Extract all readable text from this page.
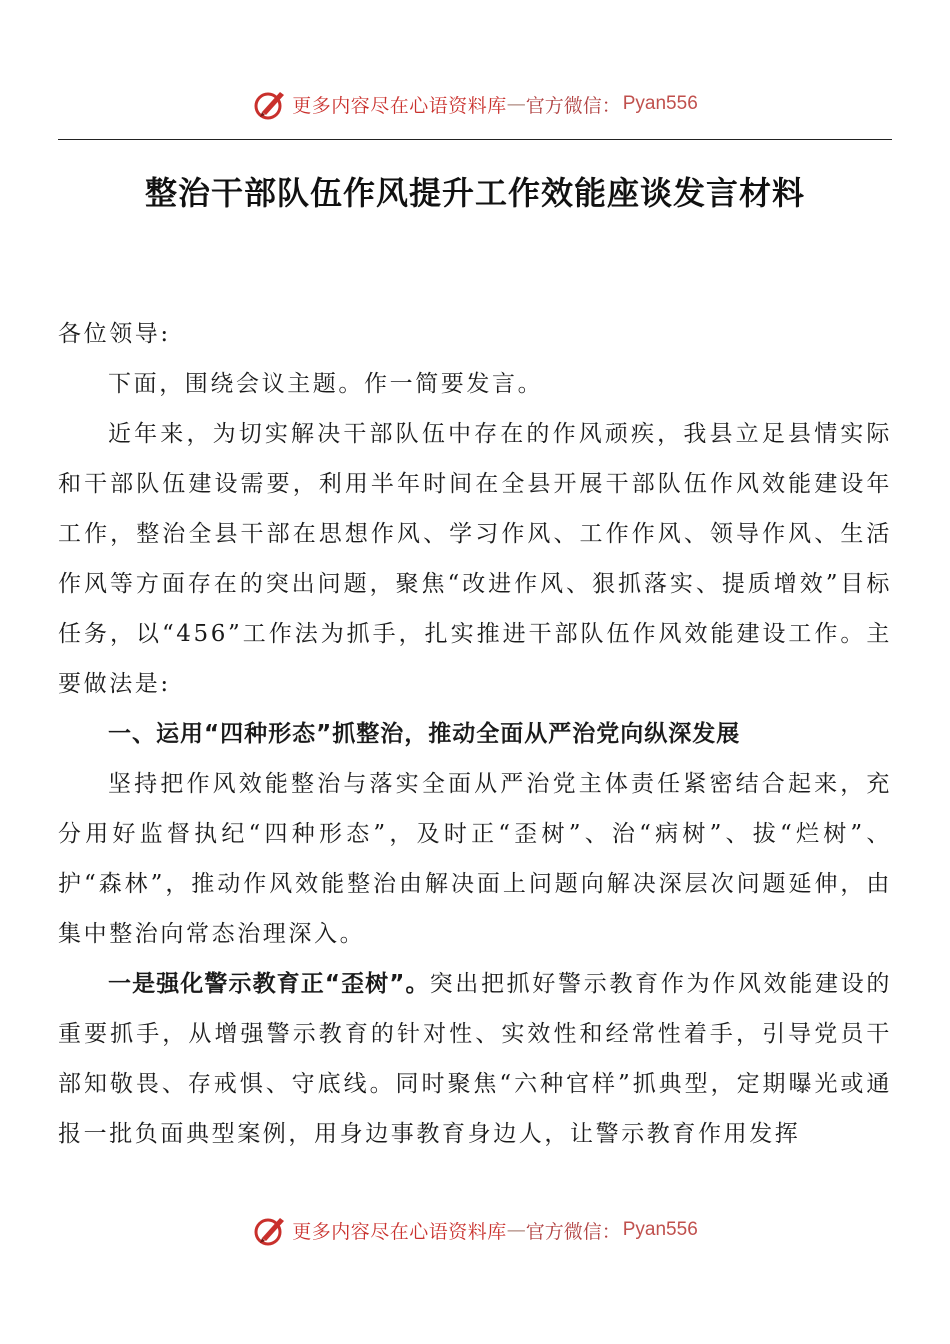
更多内容尽在心语资料库 — 官方微信： Pyan556
整治干部队伍作风提升工作效能座谈发言材料

各位领导:

下面，围绕会议主题。作一简要发言。

近年来，为切实解决干部队伍中存在的作风顽疾，我县立足县情实际和干部队伍建设需要，利用半年时间在全县开展干部队伍作风效能建设年工作，整治全县干部在思想作风、学习作风、工作作风、领导作风、生活作风等方面存在的突出问题，聚焦“改进作风、狠抓落实、提质增效”目标任务，以“456”工作法为抓手，扎实推进干部队伍作风效能建设工作。主要做法是:

一、运用“四种形态”抓整治，推动全面从严治党向纵深发展

坚持把作风效能整治与落实全面从严治党主体责任紧密结合起来，充分用好监督执纪“四种形态”，及时正“歪树”、治“病树”、拔“烂树”、护“森林”，推动作风效能整治由解决面上问题向解决深层次问题延伸，由集中整治向常态治理深入。

一是强化警示教育正“歪树”。突出把抓好警示教育作为作风效能建设的重要抓手，从增强警示教育的针对性、实效性和经常性着手，引导党员干部知敬畏、存戒惧、守底线。同时聚焦“六种官样”抓典型，定期曝光或通报一批负面典型案例，用身边事教育身边人，让警示教育作用发挥

更多内容尽在心语资料库 — 官方微信： Pyan556
